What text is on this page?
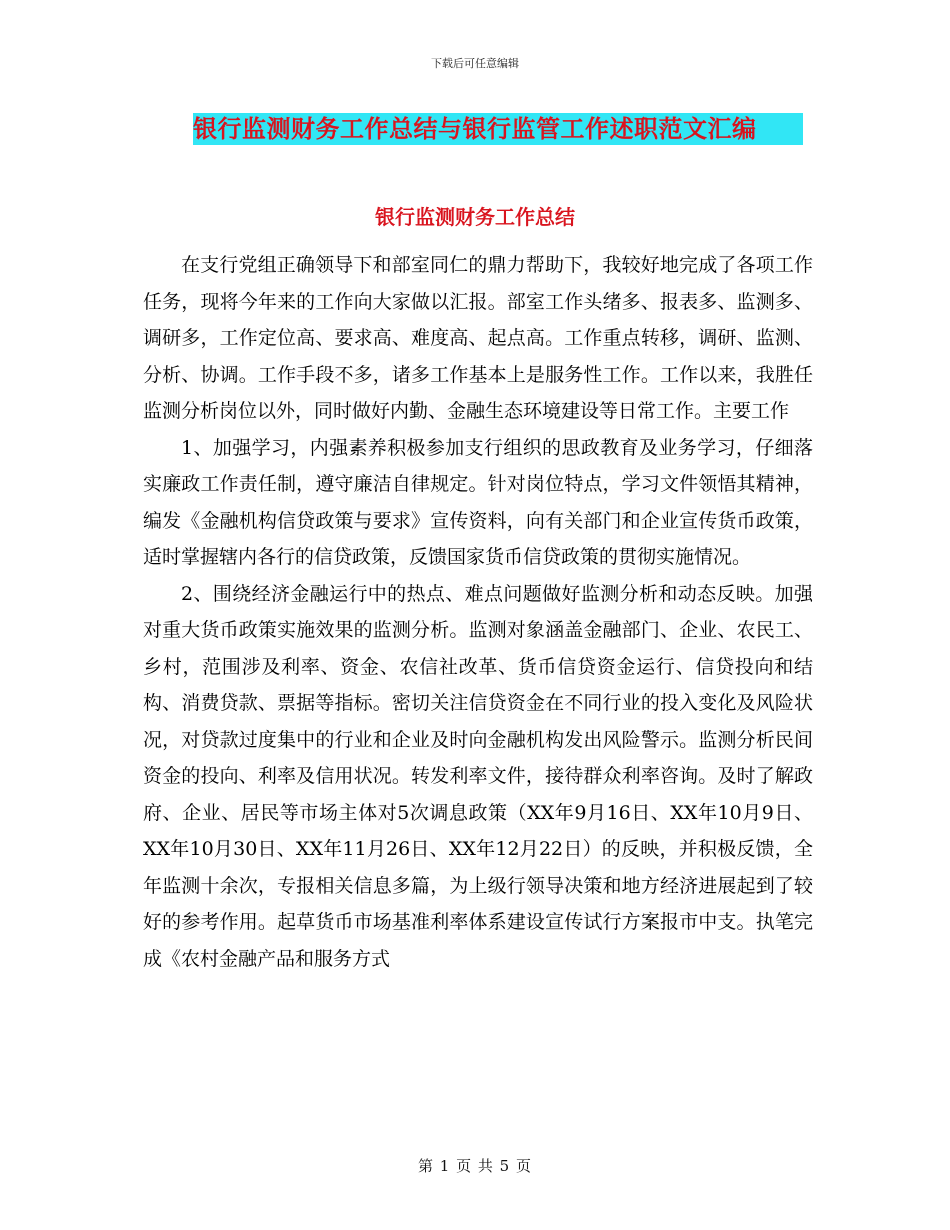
下载后可任意编辑
银行监测财务工作总结与银行监管工作述职范文汇编
银行监测财务工作总结

在支行党组正确领导下和部室同仁的鼎力帮助下，我较好地完成了各项工作任务，现将今年来的工作向大家做以汇报。部室工作头绪多、报表多、监测多、调研多，工作定位高、要求高、难度高、起点高。工作重点转移，调研、监测、分析、协调。工作手段不多，诸多工作基本上是服务性工作。工作以来，我胜任监测分析岗位以外，同时做好内勤、金融生态环境建设等日常工作。主要工作

1、加强学习，内强素养积极参加支行组织的思政教育及业务学习，仔细落实廉政工作责任制，遵守廉洁自律规定。针对岗位特点，学习文件领悟其精神，编发《金融机构信贷政策与要求》宣传资料，向有关部门和企业宣传货币政策，适时掌握辖内各行的信贷政策，反馈国家货币信贷政策的贯彻实施情况。

2、围绕经济金融运行中的热点、难点问题做好监测分析和动态反映。加强对重大货币政策实施效果的监测分析。监测对象涵盖金融部门、企业、农民工、乡村，范围涉及利率、资金、农信社改革、货币信贷资金运行、信贷投向和结构、消费贷款、票据等指标。密切关注信贷资金在不同行业的投入变化及风险状况，对贷款过度集中的行业和企业及时向金融机构发出风险警示。监测分析民间资金的投向、利率及信用状况。转发利率文件，接待群众利率咨询。及时了解政府、企业、居民等市场主体对5次调息政策（XX年9月16日、XX年10月9日、XX年10月30日、XX年11月26日、XX年12月22日）的反映，并积极反馈，全年监测十余次，专报相关信息多篇，为上级行领导决策和地方经济进展起到了较好的参考作用。起草货币市场基准利率体系建设宣传试行方案报市中支。执笔完成《农村金融产品和服务方式

第 1 页 共 5 页
